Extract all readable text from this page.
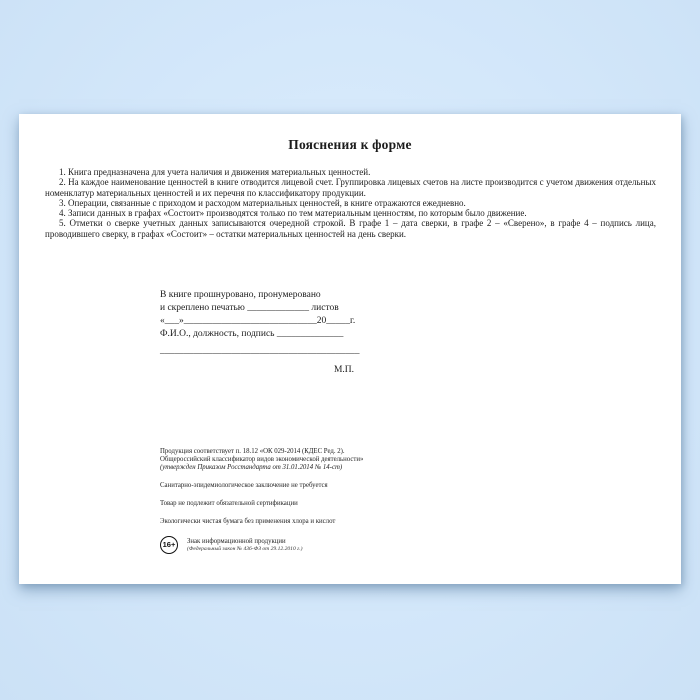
Пояснения к форме

1. Книга предназначена для учета наличия и движения материальных ценностей.

2. На каждое наименование ценностей в книге отводится лицевой счет. Группировка лицевых счетов на листе производится с учетом движения отдельных номенклатур материальных ценностей и их перечня по классификатору продукции.

3. Операции, связанные с приходом и расходом материальных ценностей, в книге отражаются ежедневно.

4. Записи данных в графах «Состоит» производятся только по тем материальным ценностям, по которым было движение.

5. Отметки о сверке учетных данных записываются очередной строкой. В графе 1 – дата сверки, в графе 2 – «Сверено», в графе 4 – подпись лица, проводившего сверку, в графах «Состоит» – остатки материальных ценностей на день сверки.

В книге прошнуровано, пронумеровано
и скреплено печатью _____________ листов
«___»____________________________20_____г.
Ф.И.О., должность, подпись ______________
__________________________________________
М.П.
Продукция соответствует п. 18.12 «ОК 029-2014 (КДЕС Ред. 2).
Общероссийский классификатор видов экономической деятельности»
(утвержден Приказом Росстандарта от 31.01.2014 № 14-ст)
Санитарно-эпидемиологическое заключение не требуется
Товар не подлежит обязательной сертификации
Экологически чистая бумага без применения хлора и кислот
16+	Знак информационной продукции
(Федеральный закон № 436-ФЗ от 29.12.2010 г.)
